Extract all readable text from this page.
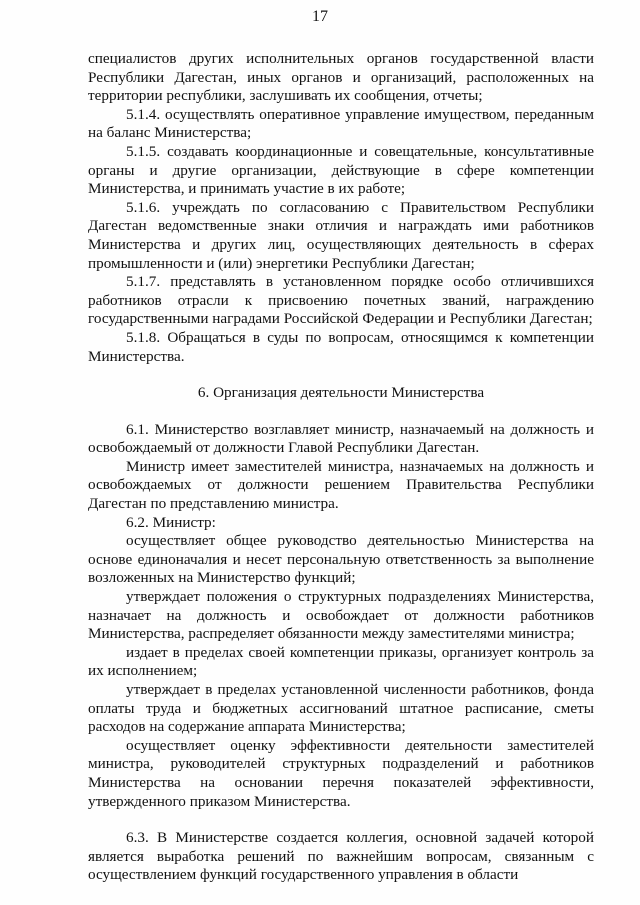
17

специалистов других исполнительных органов государственной власти Республики Дагестан, иных органов и организаций, расположенных на территории республики, заслушивать их сообщения, отчеты;

5.1.4. осуществлять оперативное управление имуществом, переданным на баланс Министерства;

5.1.5. создавать координационные и совещательные, консультативные органы и другие организации, действующие в сфере компетенции Министерства, и принимать участие в их работе;

5.1.6. учреждать по согласованию с Правительством Республики Дагестан ведомственные знаки отличия и награждать ими работников Министерства и других лиц, осуществляющих деятельность в сферах промышленности и (или) энергетики Республики Дагестан;

5.1.7. представлять в установленном порядке особо отличившихся работников отрасли к присвоению почетных званий, награждению государственными наградами Российской Федерации и Республики Дагестан;

5.1.8. Обращаться в суды по вопросам, относящимся к компетенции Министерства.

6. Организация деятельности Министерства

6.1. Министерство возглавляет министр, назначаемый на должность и освобождаемый от должности Главой Республики Дагестан.

Министр имеет заместителей министра, назначаемых на должность и освобождаемых от должности решением Правительства Республики Дагестан по представлению министра.

6.2. Министр:

осуществляет общее руководство деятельностью Министерства на основе единоначалия и несет персональную ответственность за выполнение возложенных на Министерство функций;

утверждает положения о структурных подразделениях Министерства, назначает на должность и освобождает от должности работников Министерства, распределяет обязанности между заместителями министра;

издает в пределах своей компетенции приказы, организует контроль за их исполнением;

утверждает в пределах установленной численности работников, фонда оплаты труда и бюджетных ассигнований штатное расписание, сметы расходов на содержание аппарата Министерства;

осуществляет оценку эффективности деятельности заместителей министра, руководителей структурных подразделений и работников Министерства на основании перечня показателей эффективности, утвержденного приказом Министерства.

6.3. В Министерстве создается коллегия, основной задачей которой является выработка решений по важнейшим вопросам, связанным с осуществлением функций государственного управления в области
